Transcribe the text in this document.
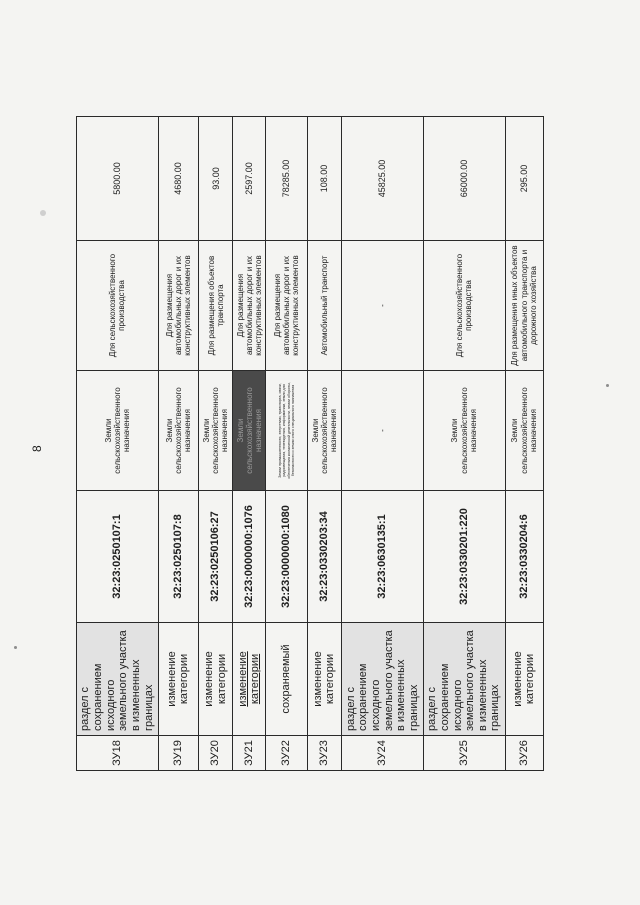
8
ЗУ18	раздел с сохранением исходного земельного участка в измененных границах	32:23:0250107:1	Земли сельскохозяйственного назначения	Для сельскохозяйственного производства	5800.00
ЗУ19	изменение категории	32:23:0250107:8	Земли сельскохозяйственного назначения	Для размещения автомобильных дорог и их конструктивных элементов	4680.00
ЗУ20	изменение категории	32:23:0250106:27	Земли сельскохозяйственного назначения	Для размещения объектов транспорта	93.00
ЗУ21	изменение категории	32:23:0000000:1076	Земли сельскохозяйственного назначения	Для размещения автомобильных дорог и их конструктивных элементов	2597.00
ЗУ22	сохраняемый	32:23:0000000:1080	Земли промышленности, энергетики, транспорта, связи, радиовещания, телевидения, информатики, земли для обеспечения космической деятельности, земли обороны, безопасности и земли иного специального назначения	Для размещения автомобильных дорог и их конструктивных элементов	78285.00
ЗУ23	изменение категории	32:23:0330203:34	Земли сельскохозяйственного назначения	Автомобильный транспорт	108.00
ЗУ24	раздел с сохранением исходного земельного участка в измененных границах	32:23:0630135:1	-	-	45825.00
ЗУ25	раздел с сохранением исходного земельного участка в измененных границах	32:23:0330201:220	Земли сельскохозяйственного назначения	Для сельскохозяйственного производства	66000.00
ЗУ26	изменение категории	32:23:0330204:6	Земли сельскохозяйственного назначения	Для размещения иных объектов автомобильного транспорта и дорожного хозяйства	295.00
